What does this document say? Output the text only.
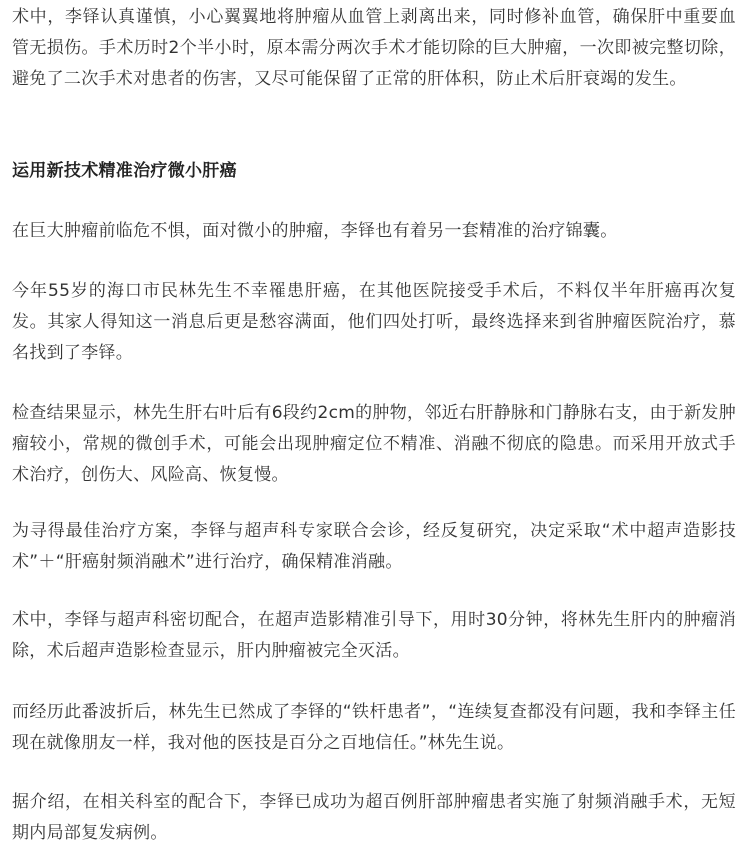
术中，李铎认真谨慎，小心翼翼地将肿瘤从血管上剥离出来，同时修补血管，确保肝中重要血管无损伤。手术历时2个半小时，原本需分两次手术才能切除的巨大肿瘤，一次即被完整切除，避免了二次手术对患者的伤害，又尽可能保留了正常的肝体积，防止术后肝衰竭的发生。

运用新技术精准治疗微小肝癌

在巨大肿瘤前临危不惧，面对微小的肿瘤，李铎也有着另一套精准的治疗锦囊。

今年55岁的海口市民林先生不幸罹患肝癌，在其他医院接受手术后，不料仅半年肝癌再次复发。其家人得知这一消息后更是愁容满面，他们四处打听，最终选择来到省肿瘤医院治疗，慕名找到了李铎。

检查结果显示，林先生肝右叶后有6段约2cm的肿物，邻近右肝静脉和门静脉右支，由于新发肿瘤较小，常规的微创手术，可能会出现肿瘤定位不精准、消融不彻底的隐患。而采用开放式手术治疗，创伤大、风险高、恢复慢。

为寻得最佳治疗方案，李铎与超声科专家联合会诊，经反复研究，决定采取“术中超声造影技术”＋“肝癌射频消融术”进行治疗，确保精准消融。

术中，李铎与超声科密切配合，在超声造影精准引导下，用时30分钟，将林先生肝内的肿瘤消除，术后超声造影检查显示，肝内肿瘤被完全灭活。

而经历此番波折后，林先生已然成了李铎的“铁杆患者”，“连续复查都没有问题，我和李铎主任现在就像朋友一样，我对他的医技是百分之百地信任。”林先生说。

据介绍，在相关科室的配合下，李铎已成功为超百例肝部肿瘤患者实施了射频消融手术，无短期内局部复发病例。
